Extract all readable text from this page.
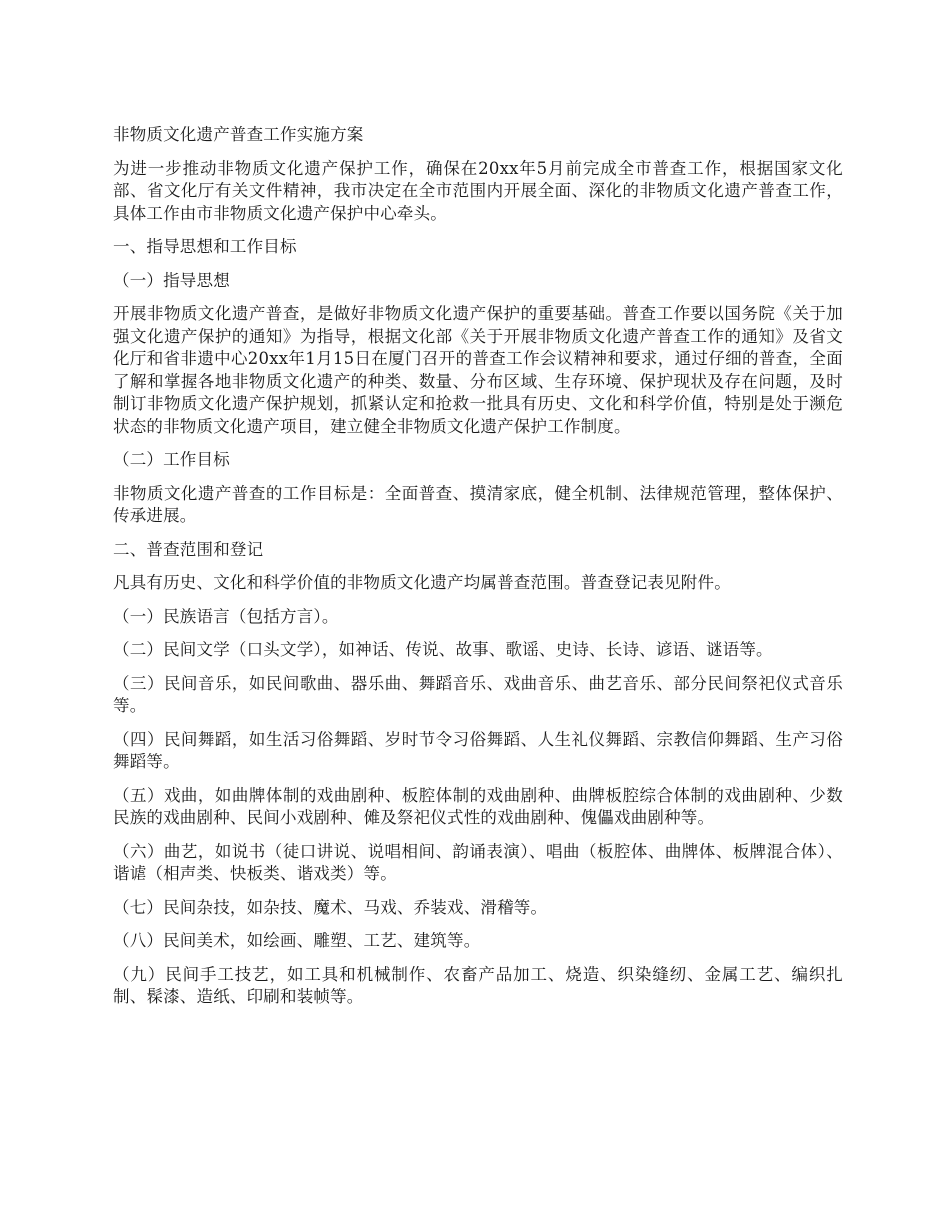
非物质文化遗产普查工作实施方案

为进一步推动非物质文化遗产保护工作，确保在20xx年5月前完成全市普查工作，根据国家文化部、省文化厅有关文件精神，我市决定在全市范围内开展全面、深化的非物质文化遗产普查工作，具体工作由市非物质文化遗产保护中心牵头。

一、指导思想和工作目标

（一）指导思想

开展非物质文化遗产普查，是做好非物质文化遗产保护的重要基础。普查工作要以国务院《关于加强文化遗产保护的通知》为指导，根据文化部《关于开展非物质文化遗产普查工作的通知》及省文化厅和省非遗中心20xx年1月15日在厦门召开的普查工作会议精神和要求，通过仔细的普查，全面了解和掌握各地非物质文化遗产的种类、数量、分布区域、生存环境、保护现状及存在问题，及时制订非物质文化遗产保护规划，抓紧认定和抢救一批具有历史、文化和科学价值，特别是处于濒危状态的非物质文化遗产项目，建立健全非物质文化遗产保护工作制度。

（二）工作目标

非物质文化遗产普查的工作目标是：全面普查、摸清家底，健全机制、法律规范管理，整体保护、传承进展。

二、普查范围和登记

凡具有历史、文化和科学价值的非物质文化遗产均属普查范围。普查登记表见附件。

（一）民族语言（包括方言）。

（二）民间文学（口头文学），如神话、传说、故事、歌谣、史诗、长诗、谚语、谜语等。

（三）民间音乐，如民间歌曲、器乐曲、舞蹈音乐、戏曲音乐、曲艺音乐、部分民间祭祀仪式音乐等。

（四）民间舞蹈，如生活习俗舞蹈、岁时节令习俗舞蹈、人生礼仪舞蹈、宗教信仰舞蹈、生产习俗舞蹈等。

（五）戏曲，如曲牌体制的戏曲剧种、板腔体制的戏曲剧种、曲牌板腔综合体制的戏曲剧种、少数民族的戏曲剧种、民间小戏剧种、傩及祭祀仪式性的戏曲剧种、傀儡戏曲剧种等。

（六）曲艺，如说书（徒口讲说、说唱相间、韵诵表演）、唱曲（板腔体、曲牌体、板牌混合体）、谐谑（相声类、快板类、谐戏类）等。

（七）民间杂技，如杂技、魔术、马戏、乔装戏、滑稽等。

（八）民间美术，如绘画、雕塑、工艺、建筑等。

（九）民间手工技艺，如工具和机械制作、农畜产品加工、烧造、织染缝纫、金属工艺、编织扎制、髹漆、造纸、印刷和装帧等。
